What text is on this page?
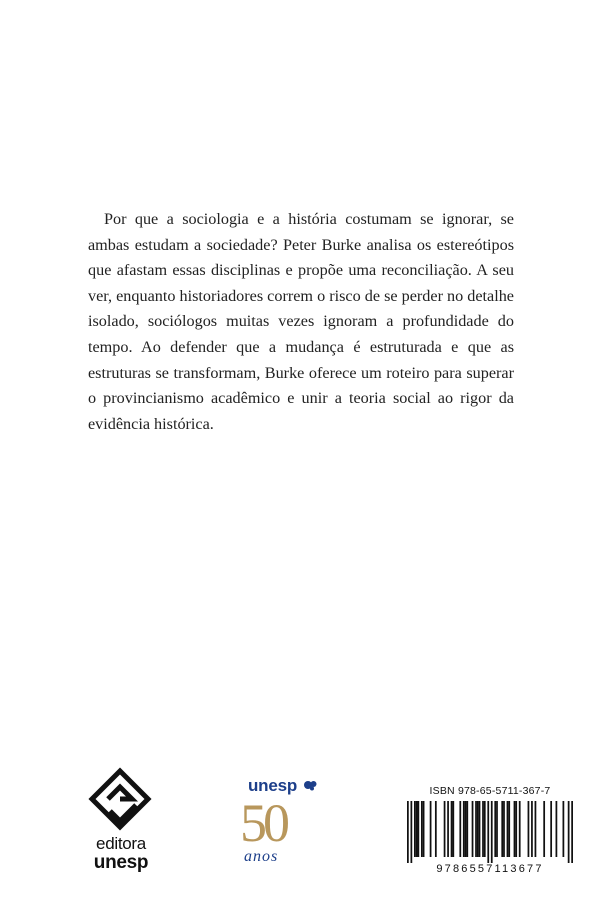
Por que a sociologia e a história costumam se ignorar, se ambas estudam a sociedade? Peter Burke analisa os estereótipos que afastam essas disciplinas e propõe uma reconciliação. A seu ver, enquanto historiadores correm o risco de se perder no detalhe isolado, sociólogos muitas vezes ignoram a profundidade do tempo. Ao defender que a mudança é estruturada e que as estruturas se transformam, Burke oferece um roteiro para superar o provincianismo acadêmico e unir a teoria social ao rigor da evidência histórica.

editora
unesp
unesp
50
anos
ISBN 978-65-5711-367-7
9786557113677
